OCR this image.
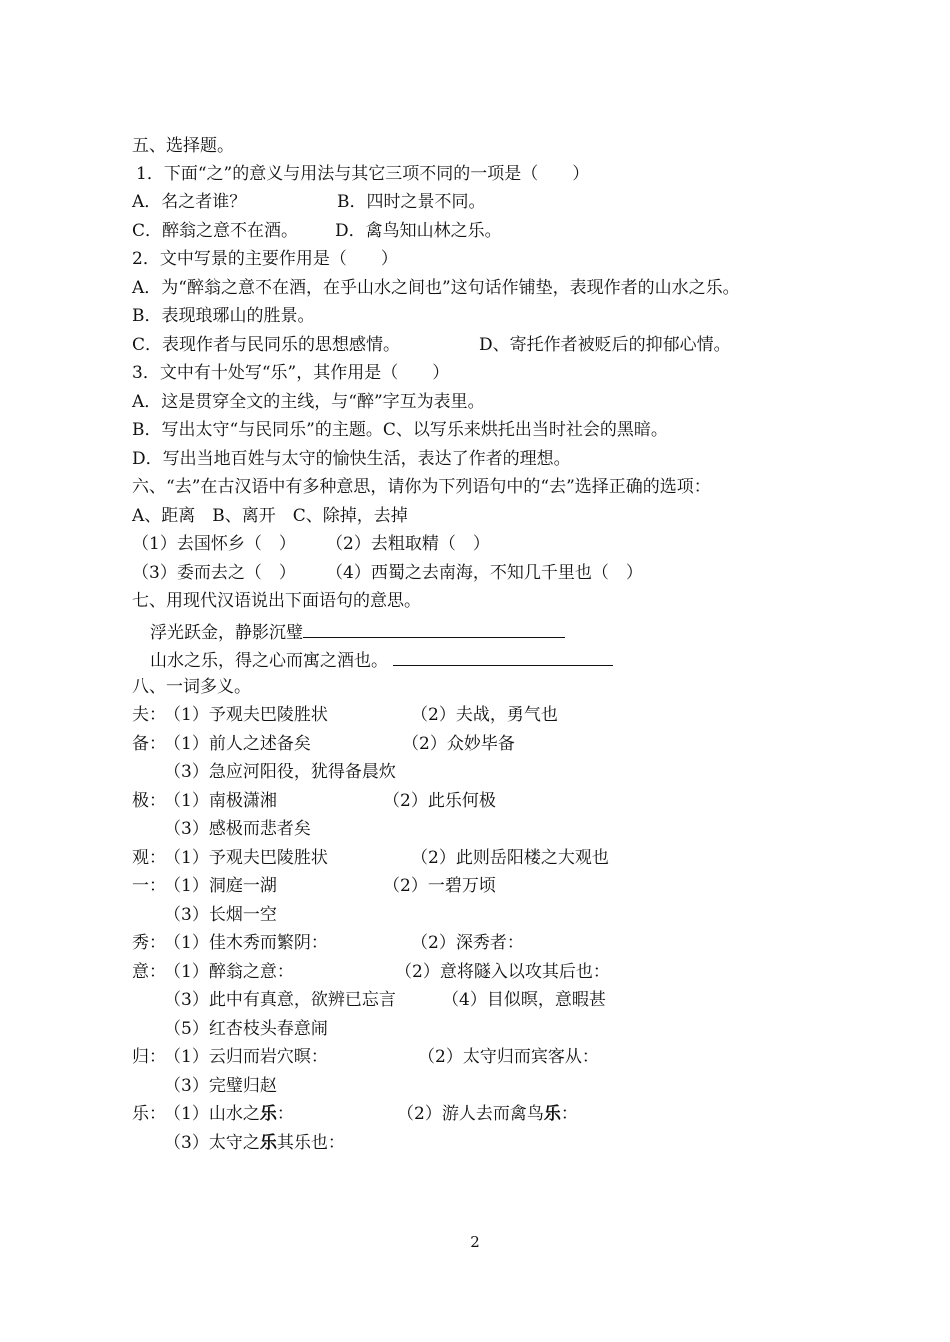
五、选择题。
1．下面“之”的意义与用法与其它三项不同的一项是（　　）
A．名之者谁？	B．四时之景不同。
C．醉翁之意不在酒。 D．禽鸟知山林之乐。
2．文中写景的主要作用是（　　）
A．为“醉翁之意不在酒，在乎山水之间也”这句话作铺垫，表现作者的山水之乐。
B．表现琅琊山的胜景。
C．表现作者与民同乐的思想感情。	D、寄托作者被贬后的抑郁心情。
3．文中有十处写“乐”，其作用是（　　）
A．这是贯穿全文的主线，与“醉”字互为表里。
B．写出太守“与民同乐”的主题。C、以写乐来烘托出当时社会的黑暗。
D．写出当地百姓与太守的愉快生活，表达了作者的理想。
六、“去”在古汉语中有多种意思，请你为下列语句中的“去”选择正确的选项：
A、距离　B、离开　C、除掉，去掉
（1）去国怀乡（　） （2）去粗取精（　）
（3）委而去之（　） （4）西蜀之去南海，不知几千里也（　）
七、用现代汉语说出下面语句的意思。
浮光跃金，静影沉璧
山水之乐，得之心而寓之酒也。
八、一词多义。
夫：
（1）予观夫巴陵胜状	（2）夫战，勇气也
备：
（1）前人之述备矣	（2）众妙毕备
（3）急应河阳役，犹得备晨炊
极：
（1）南极潇湘	（2）此乐何极
（3）感极而悲者矣
观：
（1）予观夫巴陵胜状	（2）此则岳阳楼之大观也
一：
（1）洞庭一湖	（2）一碧万顷
（3）长烟一空
秀：
（1）佳木秀而繁阴：	（2）深秀者：
意：
（1）醉翁之意：	（2）意将隧入以攻其后也：
（3）此中有真意，欲辨已忘言	（4）目似暝，意暇甚
（5）红杏枝头春意闹
归：
（1）云归而岩穴暝：	（2）太守归而宾客从：
（3）完璧归赵
乐：
（1）山水之乐：	（2）游人去而禽鸟乐：
（3）太守之乐其乐也：
2
